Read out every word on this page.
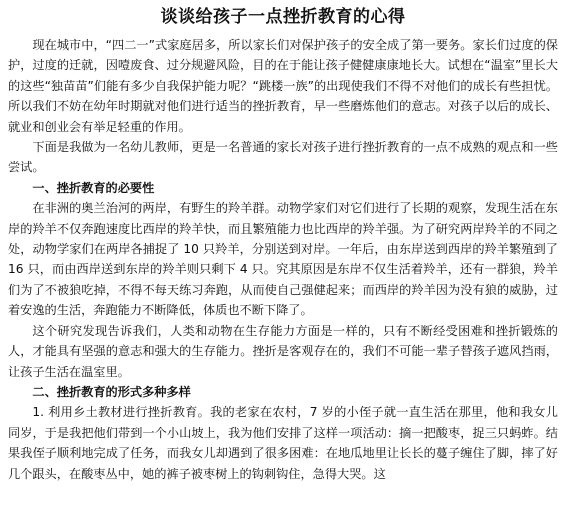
谈谈给孩子一点挫折教育的心得

现在城市中，“四二一”式家庭居多，所以家长们对保护孩子的安全成了第一要务。家长们过度的保护，过度的迁就，因噎废食、过分规避风险，目的在于能让孩子健健康康地长大。试想在“温室”里长大的这些“独苗苗”们能有多少自我保护能力呢？“跳楼一族”的出现使我们不得不对他们的成长有些担忧。所以我们不妨在幼年时期就对他们进行适当的挫折教育，早一些磨炼他们的意志。对孩子以后的成长、就业和创业会有举足轻重的作用。

下面是我做为一名幼儿教师，更是一名普通的家长对孩子进行挫折教育的一点不成熟的观点和一些尝试。

一、挫折教育的必要性

在非洲的奥兰治河的两岸，有野生的羚羊群。动物学家们对它们进行了长期的观察，发现生活在东岸的羚羊不仅奔跑速度比西岸的羚羊快，而且繁殖能力也比西岸的羚羊强。为了研究两岸羚羊的不同之处，动物学家们在两岸各捕捉了 10 只羚羊，分别送到对岸。一年后，由东岸送到西岸的羚羊繁殖到了 16 只，而由西岸送到东岸的羚羊则只剩下 4 只。究其原因是东岸不仅生活着羚羊，还有一群狼，羚羊们为了不被狼吃掉，不得不每天练习奔跑，从而使自己强健起来；而西岸的羚羊因为没有狼的威胁，过着安逸的生活，奔跑能力不断降低，体质也不断下降了。

这个研究发现告诉我们，人类和动物在生存能力方面是一样的，只有不断经受困难和挫折锻炼的人，才能具有坚强的意志和强大的生存能力。挫折是客观存在的，我们不可能一辈子替孩子遮风挡雨，让孩子生活在温室里。

二、挫折教育的形式多种多样

1. 利用乡土教材进行挫折教育。我的老家在农村，7 岁的小侄子就一直生活在那里，他和我女儿同岁，于是我把他们带到一个小山坡上，我为他们安排了这样一项活动：摘一把酸枣，捉三只蚂蚱。结果我侄子顺利地完成了任务，而我女儿却遇到了很多困难：在地瓜地里让长长的蔓子缠住了脚，摔了好几个跟头，在酸枣丛中，她的裤子被枣树上的钩刺钩住，急得大哭。这
